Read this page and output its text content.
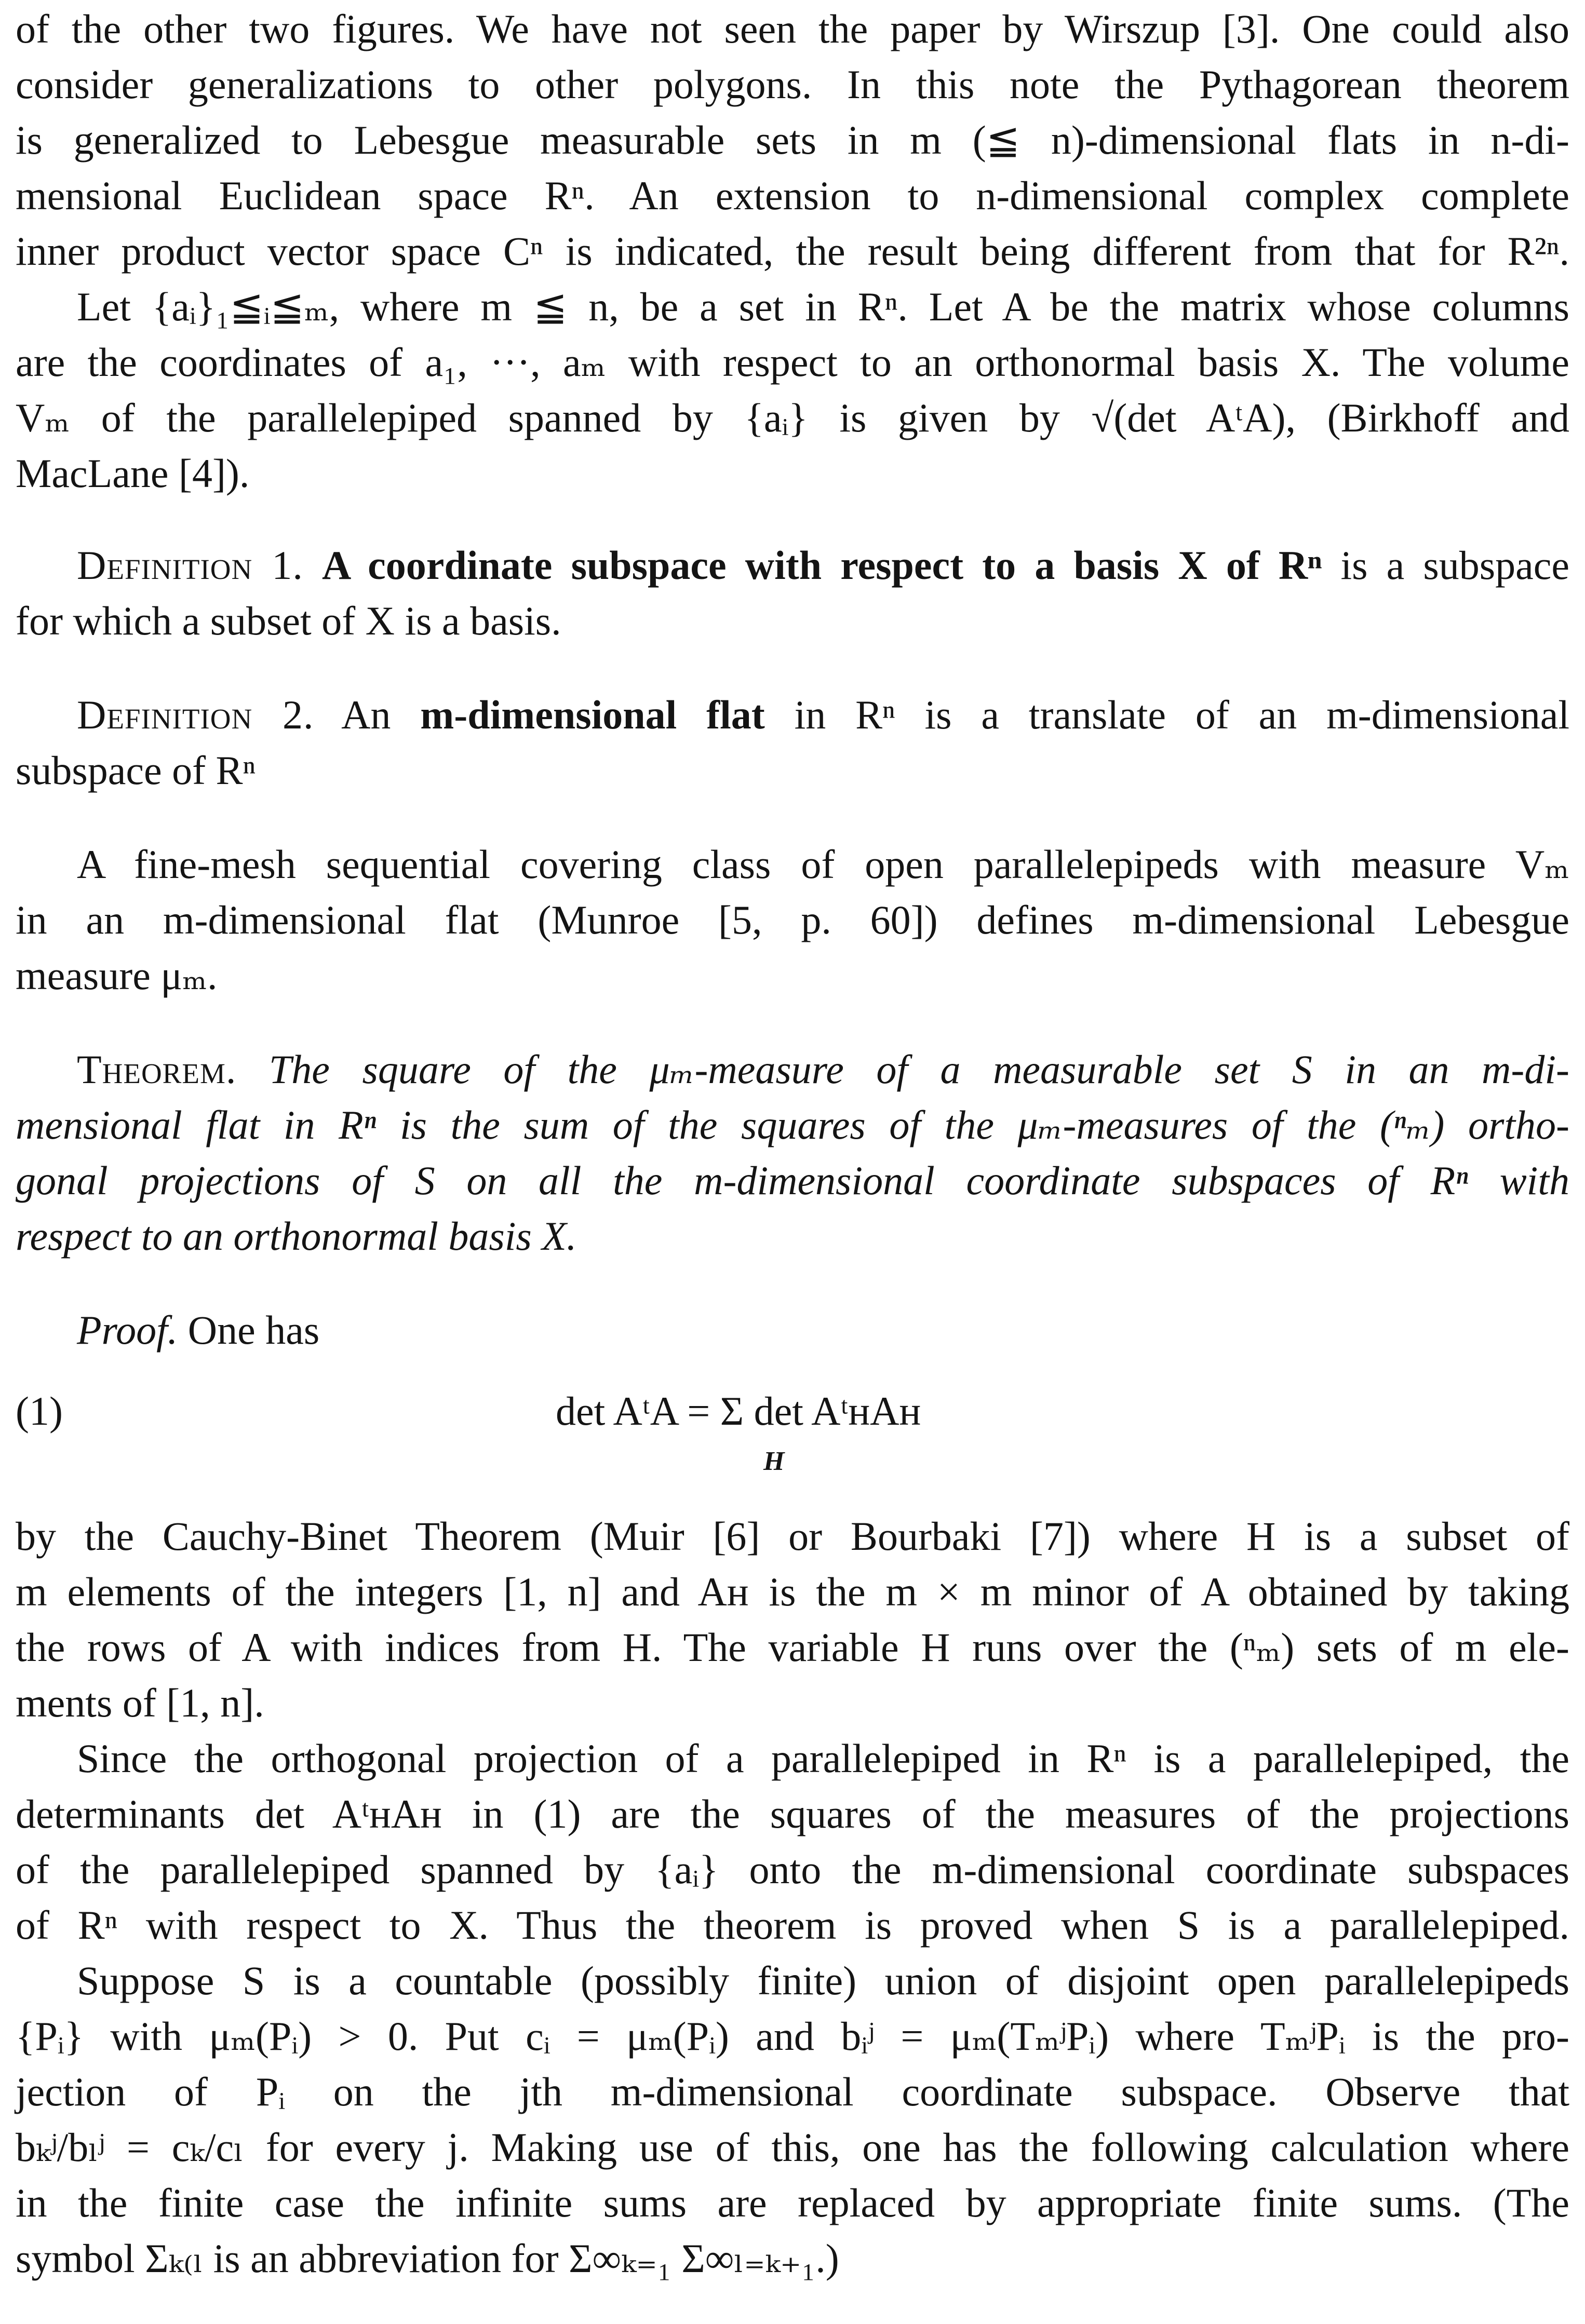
of the other two figures. We have not seen the paper by Wirszup [3]. One could also
consider generalizations to other polygons. In this note the Pythagorean theorem
is generalized to Lebesgue measurable sets in m (≦ n)-dimensional flats in n-di-
mensional Euclidean space Rⁿ. An extension to n-dimensional complex complete
inner product vector space Cⁿ is indicated, the result being different from that for R²ⁿ.
Let {aᵢ}₁≦ᵢ≦ₘ, where m ≦ n, be a set in Rⁿ. Let A be the matrix whose columns
are the coordinates of a₁, ···, aₘ with respect to an orthonormal basis X. The volume
Vₘ of the parallelepiped spanned by {aᵢ} is given by √(det AᵗA), (Birkhoff and
MacLane [4]).
Definition 1. A coordinate subspace with respect to a basis X of Rⁿ is a subspace
for which a subset of X is a basis.
Definition 2. An m-dimensional flat in Rⁿ is a translate of an m-dimensional
subspace of Rⁿ
A fine-mesh sequential covering class of open parallelepipeds with measure Vₘ
in an m-dimensional flat (Munroe [5, p. 60]) defines m-dimensional Lebesgue
measure μₘ.
Theorem. The square of the μₘ-measure of a measurable set S in an m-di-
mensional flat in Rⁿ is the sum of the squares of the μₘ-measures of the (ⁿₘ) ortho-
gonal projections of S on all the m-dimensional coordinate subspaces of Rⁿ with
respect to an orthonormal basis X.
Proof. One has
(1)	det AᵗA = Σ det AᵗʜAʜ
H
by the Cauchy-Binet Theorem (Muir [6] or Bourbaki [7]) where H is a subset of
m elements of the integers [1, n] and Aʜ is the m × m minor of A obtained by taking
the rows of A with indices from H. The variable H runs over the (ⁿₘ) sets of m ele-
ments of [1, n].
Since the orthogonal projection of a parallelepiped in Rⁿ is a parallelepiped, the
determinants det AᵗʜAʜ in (1) are the squares of the measures of the projections
of the parallelepiped spanned by {aᵢ} onto the m-dimensional coordinate subspaces
of Rⁿ with respect to X. Thus the theorem is proved when S is a parallelepiped.
Suppose S is a countable (possibly finite) union of disjoint open parallelepipeds
{Pᵢ} with μₘ(Pᵢ) > 0. Put cᵢ = μₘ(Pᵢ) and bᵢʲ = μₘ(TₘʲPᵢ) where TₘʲPᵢ is the pro-
jection of Pᵢ on the jth m-dimensional coordinate subspace. Observe that
bₖʲ/bₗʲ = cₖ/cₗ for every j. Making use of this, one has the following calculation where
in the finite case the infinite sums are replaced by appropriate finite sums. (The
symbol Σₖ₍ₗ is an abbreviation for Σ∞ₖ₌₁ Σ∞ₗ₌ₖ₊₁.)
